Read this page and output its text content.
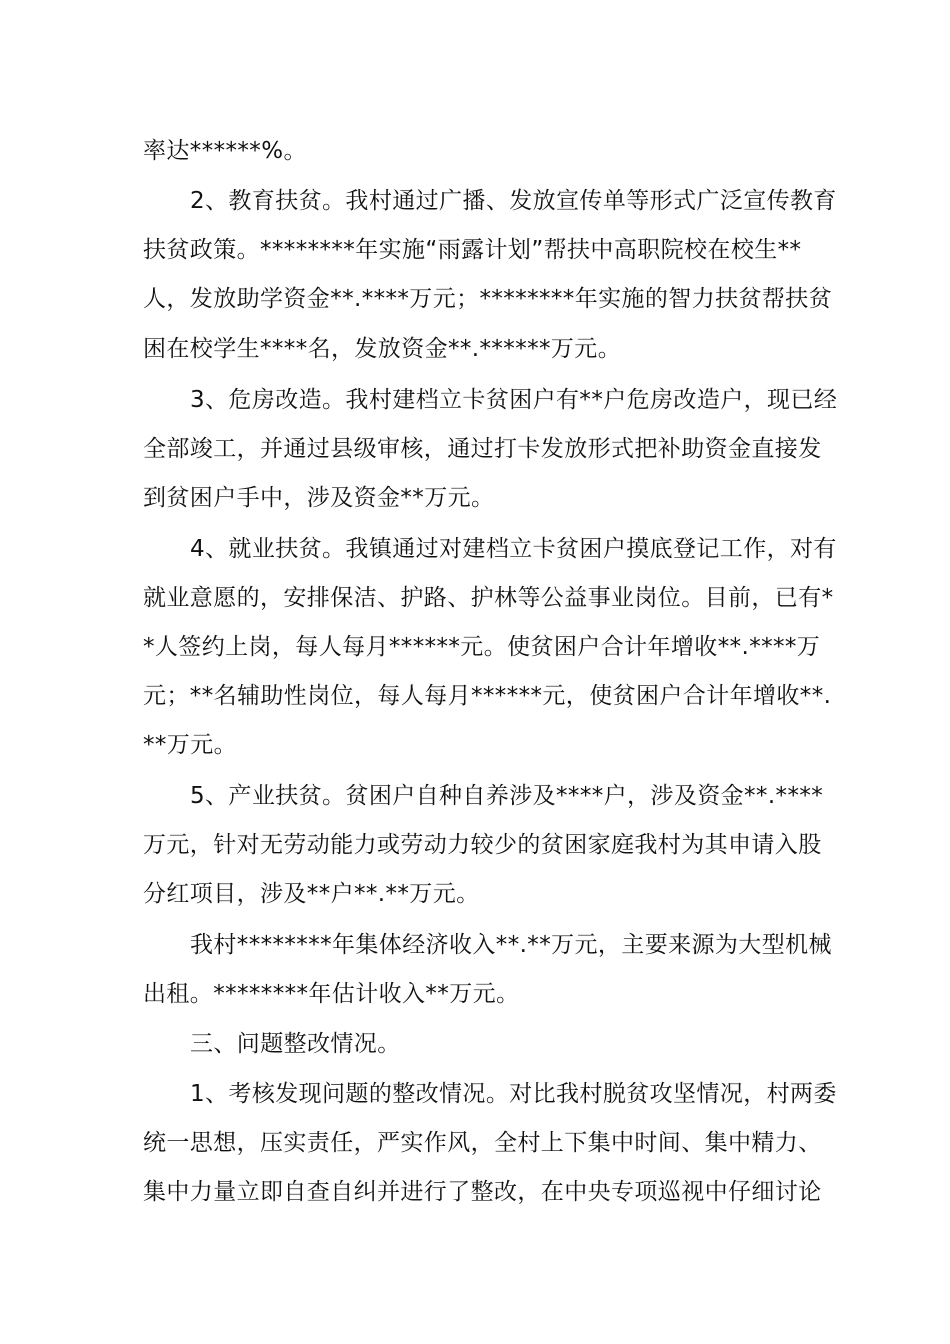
率达******%。
2、教育扶贫。我村通过广播、发放宣传单等形式广泛宣传教育
扶贫政策。********年实施“雨露计划”帮扶中高职院校在校生**
人，发放助学资金**.****万元；********年实施的智力扶贫帮扶贫
困在校学生****名，发放资金**.******万元。
3、危房改造。我村建档立卡贫困户有**户危房改造户，现已经
全部竣工，并通过县级审核，通过打卡发放形式把补助资金直接发
到贫困户手中，涉及资金**万元。
4、就业扶贫。我镇通过对建档立卡贫困户摸底登记工作，对有
就业意愿的，安排保洁、护路、护林等公益事业岗位。目前，已有*
*人签约上岗，每人每月******元。使贫困户合计年增收**.****万
元；**名辅助性岗位，每人每月******元，使贫困户合计年增收**.
**万元。
5、产业扶贫。贫困户自种自养涉及****户，涉及资金**.****
万元，针对无劳动能力或劳动力较少的贫困家庭我村为其申请入股
分红项目，涉及**户**.**万元。
我村********年集体经济收入**.**万元，主要来源为大型机械
出租。********年估计收入**万元。
三、问题整改情况。
1、考核发现问题的整改情况。对比我村脱贫攻坚情况，村两委
统一思想，压实责任，严实作风，全村上下集中时间、集中精力、
集中力量立即自查自纠并进行了整改，在中央专项巡视中仔细讨论
